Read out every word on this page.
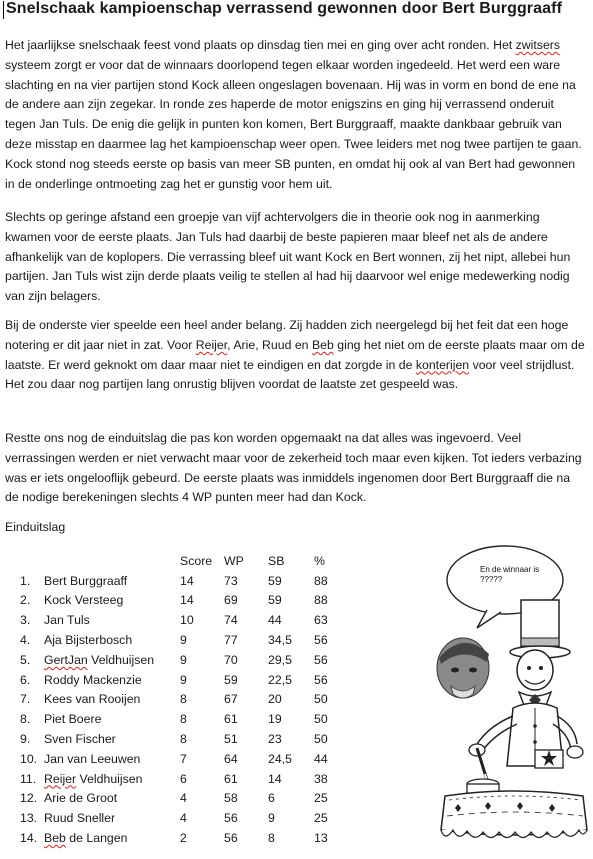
Snelschaak kampioenschap verrassend gewonnen door Bert Burggraaff

Het jaarlijkse snelschaak feest vond plaats op dinsdag tien mei en ging over acht ronden. Het zwitsers systeem zorgt er voor dat de winnaars doorlopend tegen elkaar worden ingedeeld. Het werd een ware slachting en na vier partijen stond Kock alleen ongeslagen bovenaan. Hij was in vorm en bond de ene na de andere aan zijn zegekar. In ronde zes haperde de motor enigszins en ging hij verrassend onderuit tegen Jan Tuls. De enig die gelijk in punten kon komen, Bert Burggraaff, maakte dankbaar gebruik van deze misstap en daarmee lag het kampioenschap weer open. Twee leiders met nog twee partijen te gaan. Kock stond nog steeds eerste op basis van meer SB punten, en omdat hij ook al van Bert had gewonnen in de onderlinge ontmoeting zag het er gunstig voor hem uit.

Slechts op geringe afstand een groepje van vijf achtervolgers die in theorie ook nog in aanmerking kwamen voor de eerste plaats. Jan Tuls had daarbij de beste papieren maar bleef net als de andere afhankelijk van de koplopers. Die verrassing bleef uit want Kock en Bert wonnen, zij het nipt, allebei hun partijen. Jan Tuls wist zijn derde plaats veilig te stellen al had hij daarvoor wel enige medewerking nodig van zijn belagers.

Bij de onderste vier speelde een heel ander belang. Zij hadden zich neergelegd bij het feit dat een hoge notering er dit jaar niet in zat. Voor Reijer, Arie, Ruud en Beb ging het niet om de eerste plaats maar om de laatste. Er werd geknokt om daar maar niet te eindigen en dat zorgde in de konterijen voor veel strijdlust. Het zou daar nog partijen lang onrustig blijven voordat de laatste zet gespeeld was.

Restte ons nog de einduitslag die pas kon worden opgemaakt na dat alles was ingevoerd. Veel verrassingen werden er niet verwacht maar voor de zekerheid toch maar even kijken. Tot ieders verbazing was er iets ongelooflijk gebeurd. De eerste plaats was inmiddels ingenomen door Bert Burggraaff die na de nodige berekeningen slechts 4 WP punten meer had dan Kock.

Einduitslag
		Score	WP	SB	%
1.	Bert Burggraaff	14	73	59	88
2.	Kock Versteeg	14	69	59	88
3.	Jan Tuls	10	74	44	63
4.	Aja Bijsterbosch	9	77	34,5	56
5.	GertJan Veldhuijsen	9	70	29,5	56
6.	Roddy Mackenzie	9	59	22,5	56
7.	Kees van Rooijen	8	67	20	50
8.	Piet Boere	8	61	19	50
9.	Sven Fischer	8	51	23	50
10.	Jan van Leeuwen	7	64	24,5	44
11.	Reijer Veldhuijsen	6	61	14	38
12.	Arie de Groot	4	58	6	25
13.	Ruud Sneller	4	56	9	25
14.	Beb de Langen	2	56	8	13
En de winnaar is ?????
